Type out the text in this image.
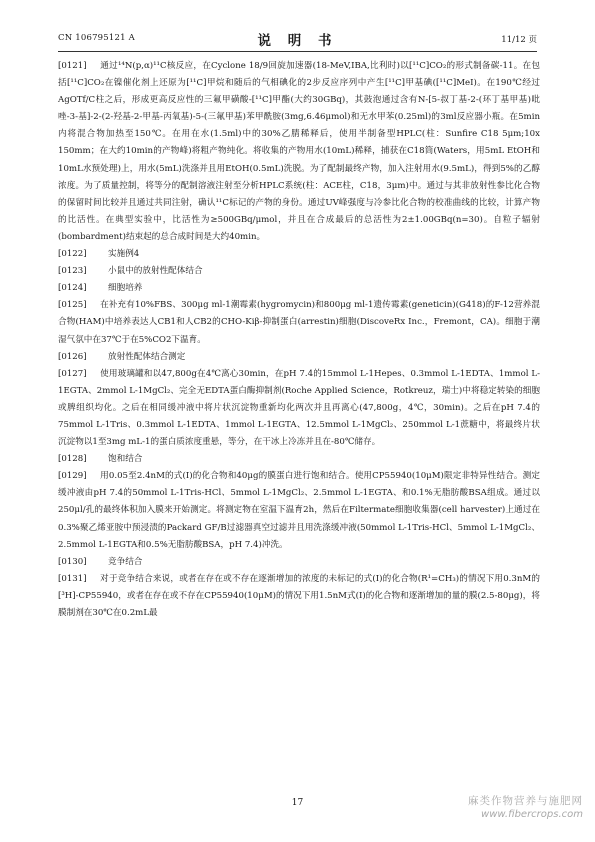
CN 106795121 A	说 明 书	11/12 页

[0121] 通过¹⁴N(p,α)¹¹C核反应，在Cyclone 18/9回旋加速器(18-MeV,IBA,比利时)以[¹¹C]CO₂的形式制备碳-11。在包括[¹¹C]CO₂在镍催化剂上还原为[¹¹C]甲烷和随后的气相碘化的2步反应序列中产生[¹¹C]甲基碘([¹¹C]MeI)。在190℃经过AgOTf/C柱之后，形成更高反应性的三氟甲磺酸-[¹¹C]甲酯(大约30GBq)，其鼓泡通过含有N-[5-叔丁基-2-(环丁基甲基)吡唑-3-基]-2-(2-羟基-2-甲基-丙氧基)-5-(三氟甲基)苯甲酰胺(3mg,6.46μmol)和无水甲苯(0.25ml)的3ml反应器小瓶。在5min内将混合物加热至150℃。在用在水(1.5ml)中的30%乙腈稀释后，使用半制备型HPLC(柱：Sunfire C18 5μm;10x 150mm；在大约10min的产物峰)将粗产物纯化。将收集的产物用水(10mL)稀释，捕获在C18筒(Waters，用5mL EtOH和10mL水预处理)上，用水(5mL)洗涤并且用EtOH(0.5mL)洗脱。为了配制最终产物，加入注射用水(9.5mL)，得到5%的乙醇浓度。为了质量控制，将等分的配制溶液注射至分析HPLC系统(柱：ACE柱，C18，3μm)中。通过与其非放射性参比化合物的保留时间比较并且通过共同注射，确认¹¹C标记的产物的身份。通过UV峰强度与冷参比化合物的校准曲线的比较，计算产物的比活性。在典型实验中，比活性为≥500GBq/μmol，并且在合成最后的总活性为2±1.00GBq(n=30)。自粒子辐射(bombardment)结束起的总合成时间是大约40min。

[0122] 实施例4

[0123] 小鼠中的放射性配体结合

[0124] 细胞培养

[0125] 在补充有10%FBS、300μg ml-1潮霉素(hygromycin)和800μg ml-1遗传霉素(geneticin)(G418)的F-12营养混合物(HAM)中培养表达人CB1和人CB2的CHO-Kiβ-抑制蛋白(arrestin)细胞(DiscoveRx Inc.，Fremont，CA)。细胞于潮湿气氛中在37℃于在5%CO2下温育。

[0126] 放射性配体结合测定

[0127] 使用玻璃罐和以47,800g在4℃离心30min，在pH 7.4的15mmol L-1Hepes、0.3mmol L-1EDTA、1mmol L-1EGTA、2mmol L-1MgCl₂、完全无EDTA蛋白酶抑制剂(Roche Applied Science，Rotkreuz，瑞士)中将稳定转染的细胞或脾组织均化。之后在相同缓冲液中将片状沉淀物重新均化两次并且再离心(47,800g，4℃，30min)。之后在pH 7.4的75mmol L-1Tris、0.3mmol L-1EDTA、1mmol L-1EGTA、12.5mmol L-1MgCl₂、250mmol L-1蔗糖中，将最终片状沉淀物以1至3mg mL-1的蛋白质浓度重悬，等分，在干冰上冷冻并且在-80℃储存。

[0128] 饱和结合

[0129] 用0.05至2.4nM的式(I)的化合物和40μg的膜蛋白进行饱和结合。使用CP55940(10μM)限定非特异性结合。测定缓冲液由pH 7.4的50mmol L-1Tris-HCl、5mmol L-1MgCl₂、2.5mmol L-1EGTA、和0.1%无脂肪酸BSA组成。通过以250μl/孔的最终体积加入膜来开始测定。将测定物在室温下温育2h，然后在Filtermate细胞收集器(cell harvester)上通过在0.3%聚乙烯亚胺中预浸渍的Packard GF/B过滤器真空过滤并且用洗涤缓冲液(50mmol L-1Tris-HCl、5mmol L-1MgCl₂、2.5mmol L-1EGTA和0.5%无脂肪酸BSA，pH 7.4)冲洗。

[0130] 竞争结合

[0131] 对于竞争结合来说，或者在存在或不存在逐渐增加的浓度的未标记的式(I)的化合物(R¹=CH₃)的情况下用0.3nM的[³H]-CP55940，或者在存在或不存在CP55940(10μM)的情况下用1.5nM式(I)的化合物和逐渐增加的量的膜(2.5-80μg)，将膜制剂在30℃在0.2mL最

17	麻类作物营养与施肥网
www.fibercrops.com
